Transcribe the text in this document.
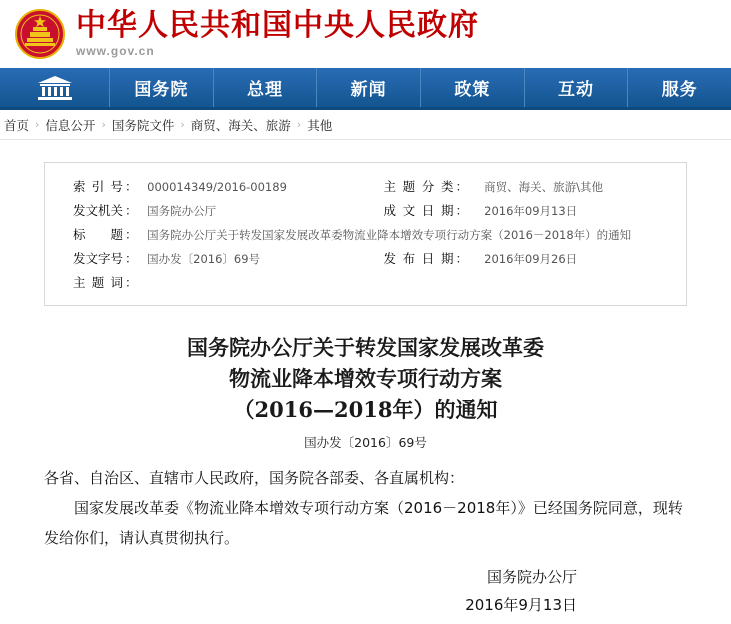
中华人民共和国中央人民政府
www.gov.cn
国务院	总理	新闻	政策	互动	服务
首页 › 信息公开 › 国务院文件 › 商贸、海关、旅游 › 其他
索引号	：	000014349/2016-00189	主题分类	：	商贸、海关、旅游\其他
发文机关	：	国务院办公厅	成文日期	：	2016年09月13日
标题	：	国务院办公厅关于转发国家发展改革委物流业降本增效专项行动方案（2016－2018年）的通知			
发文字号	：	国办发〔2016〕69号	发布日期	：	2016年09月26日
主题词	：				
国务院办公厅关于转发国家发展改革委
物流业降本增效专项行动方案
（2016—2018年）的通知
国办发〔2016〕69号
各省、自治区、直辖市人民政府，国务院各部委、各直属机构：
国家发展改革委《物流业降本增效专项行动方案（2016－2018年）》已经国务院同意，现转发给你们，请认真贯彻执行。
国务院办公厅
2016年9月13日
